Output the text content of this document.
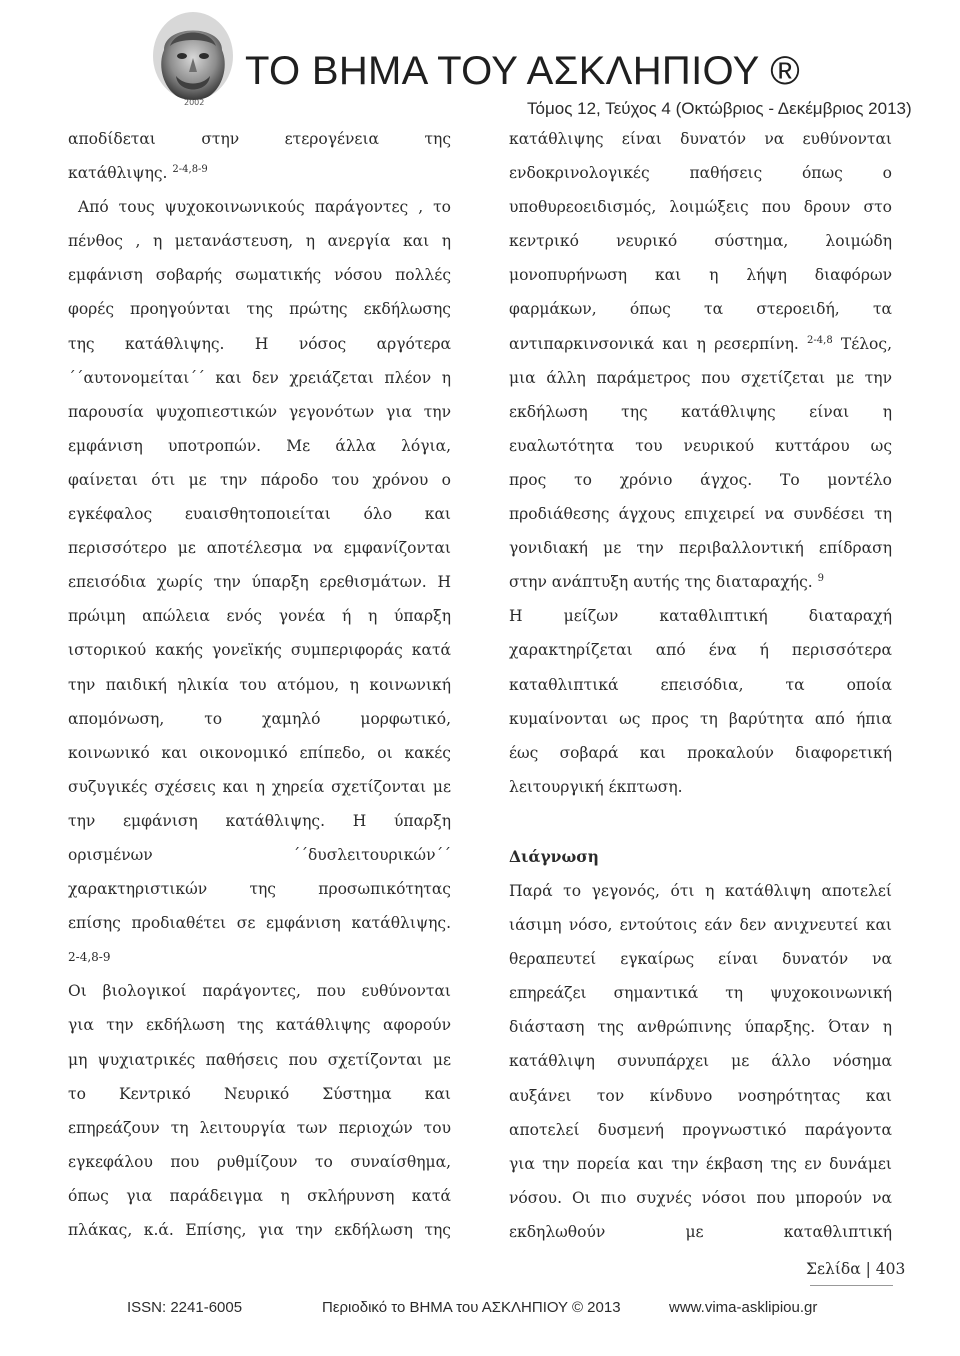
2002
ΤΟ ΒΗΜΑ ΤΟΥ ΑΣΚΛΗΠΙΟΥ ®
Τόμος 12, Τεύχος 4 (Οκτώβριος - Δεκέμβριος 2013)
αποδίδεται στην ετερογένεια της
κατάθλιψης. $^{2-4,8-9}$
Από τους ψυχοκοινωνικούς παράγοντες , το
πένθος , η μετανάστευση, η ανεργία και η
εμφάνιση σοβαρής σωματικής νόσου πολλές
φορές προηγούνται της πρώτης εκδήλωσης
της κατάθλιψης. Η νόσος αργότερα
΄΄αυτονομείται΄΄ και δεν χρειάζεται πλέον η
παρουσία ψυχοπιεστικών γεγονότων για την
εμφάνιση υποτροπών. Με άλλα λόγια,
φαίνεται ότι με την πάροδο του χρόνου ο
εγκέφαλος ευαισθητοποιείται όλο και
περισσότερο με αποτέλεσμα να εμφανίζονται
επεισόδια χωρίς την ύπαρξη ερεθισμάτων. Η
πρώιμη απώλεια ενός γονέα ή η ύπαρξη
ιστορικού κακής γονεϊκής συμπεριφοράς κατά
την παιδική ηλικία του ατόμου, η κοινωνική
απομόνωση, το χαμηλό μορφωτικό,
κοινωνικό και οικονομικό επίπεδο, οι κακές
συζυγικές σχέσεις και η χηρεία σχετίζονται με
την εμφάνιση κατάθλιψης. Η ύπαρξη
ορισμένων ΄΄δυσλειτουρικών΄΄
χαρακτηριστικών της προσωπικότητας
επίσης προδιαθέτει σε εμφάνιση κατάθλιψης.
2-4,8-9
Οι βιολογικοί παράγοντες, που ευθύνονται
για την εκδήλωση της κατάθλιψης αφορούν
μη ψυχιατρικές παθήσεις που σχετίζονται με
το Κεντρικό Νευρικό Σύστημα και
επηρεάζουν τη λειτουργία των περιοχών του
εγκεφάλου που ρυθμίζουν το συναίσθημα,
όπως για παράδειγμα η σκλήρυνση κατά
πλάκας, κ.ά. Επίσης, για την εκδήλωση της
κατάθλιψης είναι δυνατόν να ευθύνονται
ενδοκρινολογικές παθήσεις όπως ο
υποθυρεοειδισμός, λοιμώξεις που δρουν στο
κεντρικό νευρικό σύστημα, λοιμώδη
μονοπυρήνωση και η λήψη διαφόρων
φαρμάκων, όπως τα στεροειδή, τα
αντιπαρκινσονικά και η ρεσερπίνη. $^{2-4,8}$ Τέλος,
μια άλλη παράμετρος που σχετίζεται με την
εκδήλωση της κατάθλιψης είναι η
ευαλωτότητα του νευρικού κυττάρου ως
προς το χρόνιο άγχος. Το μοντέλο
προδιάθεσης άγχους επιχειρεί να συνδέσει τη
γονιδιακή με την περιβαλλοντική επίδραση
στην ανάπτυξη αυτής της διαταραχής. $^9$
Η μείζων καταθλιπτική διαταραχή
χαρακτηρίζεται από ένα ή περισσότερα
καταθλιπτικά επεισόδια, τα οποία
κυμαίνονται ως προς τη βαρύτητα από ήπια
έως σοβαρά και προκαλούν διαφορετική
λειτουργική έκπτωση.
Διάγνωση
Παρά το γεγονός, ότι η κατάθλιψη αποτελεί
ιάσιμη νόσο, εντούτοις εάν δεν ανιχνευτεί και
θεραπευτεί εγκαίρως είναι δυνατόν να
επηρεάζει σημαντικά τη ψυχοκοινωνική
διάσταση της ανθρώπινης ύπαρξης. Όταν η
κατάθλιψη συνυπάρχει με άλλο νόσημα
αυξάνει τον κίνδυνο νοσηρότητας και
αποτελεί δυσμενή προγνωστικό παράγοντα
για την πορεία και την έκβαση της εν δυνάμει
νόσου. Οι πιο συχνές νόσοι που μπορούν να
εκδηλωθούν με καταθλιπτική
Σελίδα | 403
ISSN: 2241-6005	Περιοδικό το ΒΗΜΑ του ΑΣΚΛΗΠΙΟΥ © 2013	www.vima-asklipiou.gr
